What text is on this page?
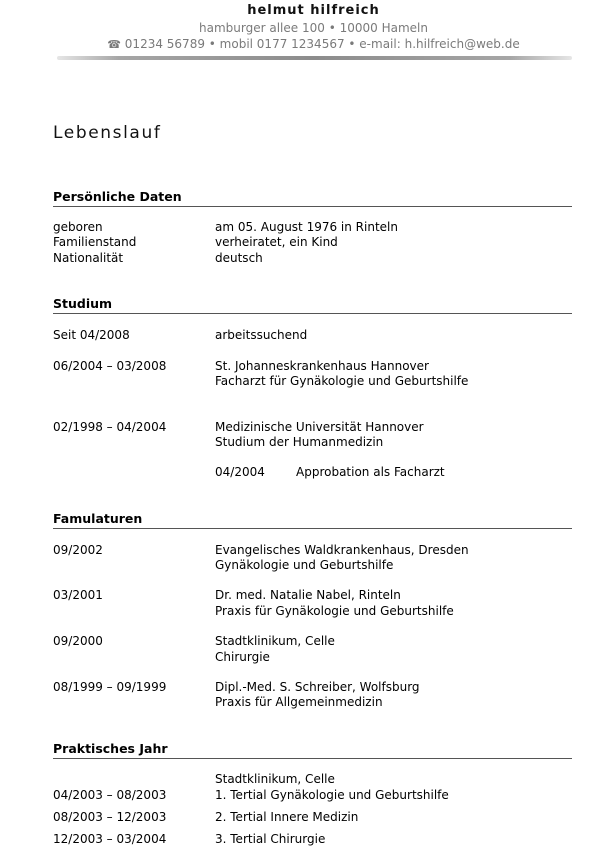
helmut hilfreich
hamburger allee 100 • 10000 Hameln
☎ 01234 56789 • mobil 0177 1234567 • e-mail: h.hilfreich@web.de
Lebenslauf
Persönliche Daten
geboren	am 05. August 1976 in Rinteln
Familienstand	verheiratet, ein Kind
Nationalität	deutsch
Studium
Seit 04/2008	arbeitssuchend
06/2004 – 03/2008	St. Johanneskrankenhaus Hannover
Facharzt für Gynäkologie und Geburtshilfe
02/1998 – 04/2004	Medizinische Universität Hannover
Studium der Humanmedizin
04/2004	Approbation als Facharzt
Famulaturen
09/2002	Evangelisches Waldkrankenhaus, Dresden
Gynäkologie und Geburtshilfe
03/2001	Dr. med. Natalie Nabel, Rinteln
Praxis für Gynäkologie und Geburtshilfe
09/2000	Stadtklinikum, Celle
Chirurgie
08/1999 – 09/1999	Dipl.-Med. S. Schreiber, Wolfsburg
Praxis für Allgemeinmedizin
Praktisches Jahr
Stadtklinikum, Celle
04/2003 – 08/2003	1. Tertial Gynäkologie und Geburtshilfe
08/2003 – 12/2003	2. Tertial Innere Medizin
12/2003 – 03/2004	3. Tertial Chirurgie
